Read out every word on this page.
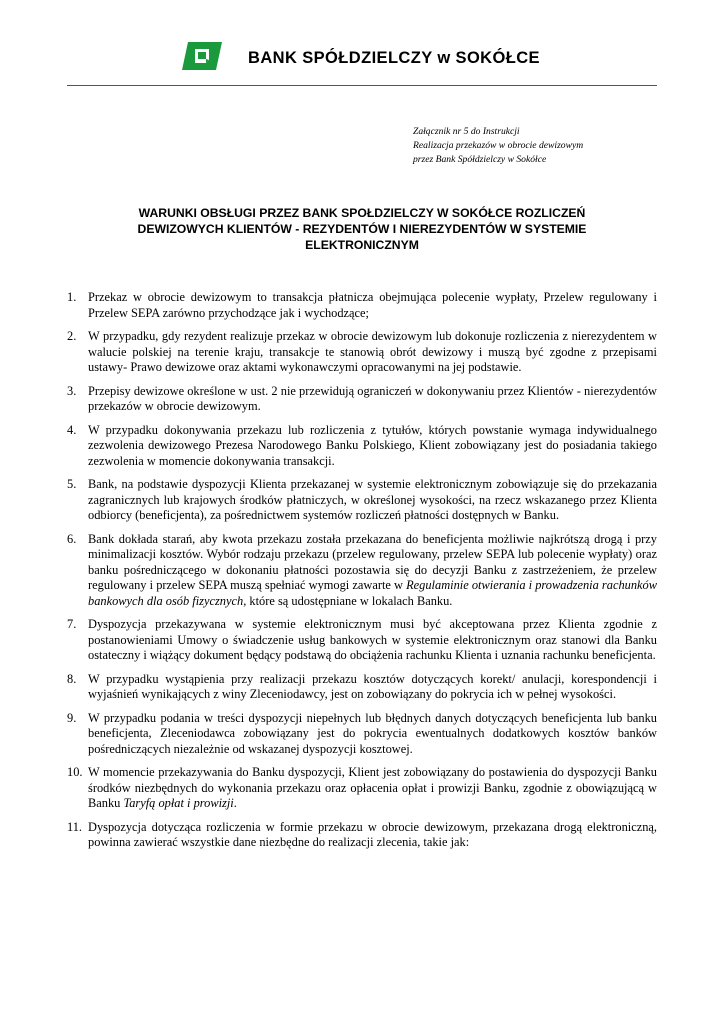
BANK SPÓŁDZIELCZY w SOKÓŁCE
Załącznik nr 5 do Instrukcji
Realizacja przekazów w obrocie dewizowym
przez Bank Spółdzielczy w Sokółce
WARUNKI OBSŁUGI PRZEZ BANK SPOŁDZIELCZY W SOKÓŁCE ROZLICZEŃ
DEWIZOWYCH KLIENTÓW - REZYDENTÓW I NIEREZYDENTÓW W SYSTEMIE
ELEKTRONICZNYM
1. Przekaz w obrocie dewizowym to transakcja płatnicza obejmująca polecenie wypłaty, Przelew regulowany i Przelew SEPA zarówno przychodzące jak i wychodzące;
2. W przypadku, gdy rezydent realizuje przekaz w obrocie dewizowym lub dokonuje rozliczenia z nierezydentem w walucie polskiej na terenie kraju, transakcje te stanowią obrót dewizowy i muszą być zgodne z przepisami ustawy- Prawo dewizowe oraz aktami wykonawczymi opracowanymi na jej podstawie.
3. Przepisy dewizowe określone w ust. 2 nie przewidują ograniczeń w dokonywaniu przez Klientów - nierezydentów przekazów w obrocie dewizowym.
4. W przypadku dokonywania przekazu lub rozliczenia z tytułów, których powstanie wymaga indywidualnego zezwolenia dewizowego Prezesa Narodowego Banku Polskiego, Klient zobowiązany jest do posiadania takiego zezwolenia w momencie dokonywania transakcji.
5. Bank, na podstawie dyspozycji Klienta przekazanej w systemie elektronicznym zobowiązuje się do przekazania zagranicznych lub krajowych środków płatniczych, w określonej wysokości, na rzecz wskazanego przez Klienta odbiorcy (beneficjenta), za pośrednictwem systemów rozliczeń płatności dostępnych w Banku.
6. Bank dokłada starań, aby kwota przekazu została przekazana do beneficjenta możliwie najkrótszą drogą i przy minimalizacji kosztów. Wybór rodzaju przekazu (przelew regulowany, przelew SEPA lub polecenie wypłaty) oraz banku pośredniczącego w dokonaniu płatności pozostawia się do decyzji Banku z zastrzeżeniem, że przelew regulowany i przelew SEPA muszą spełniać wymogi zawarte w Regulaminie otwierania i prowadzenia rachunków bankowych dla osób fizycznych, które są udostępniane w lokalach Banku.
7. Dyspozycja przekazywana w systemie elektronicznym musi być akceptowana przez Klienta zgodnie z postanowieniami Umowy o świadczenie usług bankowych w systemie elektronicznym oraz stanowi dla Banku ostateczny i wiążący dokument będący podstawą do obciążenia rachunku Klienta i uznania rachunku beneficjenta.
8. W przypadku wystąpienia przy realizacji przekazu kosztów dotyczących korekt/ anulacji, korespondencji i wyjaśnień wynikających z winy Zleceniodawcy, jest on zobowiązany do pokrycia ich w pełnej wysokości.
9. W przypadku podania w treści dyspozycji niepełnych lub błędnych danych dotyczących beneficjenta lub banku beneficjenta, Zleceniodawca zobowiązany jest do pokrycia ewentualnych dodatkowych kosztów banków pośredniczących niezależnie od wskazanej dyspozycji kosztowej.
10. W momencie przekazywania do Banku dyspozycji, Klient jest zobowiązany do postawienia do dyspozycji Banku środków niezbędnych do wykonania przekazu oraz opłacenia opłat i prowizji Banku, zgodnie z obowiązującą w Banku Taryfą opłat i prowizji.
11. Dyspozycja dotycząca rozliczenia w formie przekazu w obrocie dewizowym, przekazana drogą elektroniczną, powinna zawierać wszystkie dane niezbędne do realizacji zlecenia, takie jak:
